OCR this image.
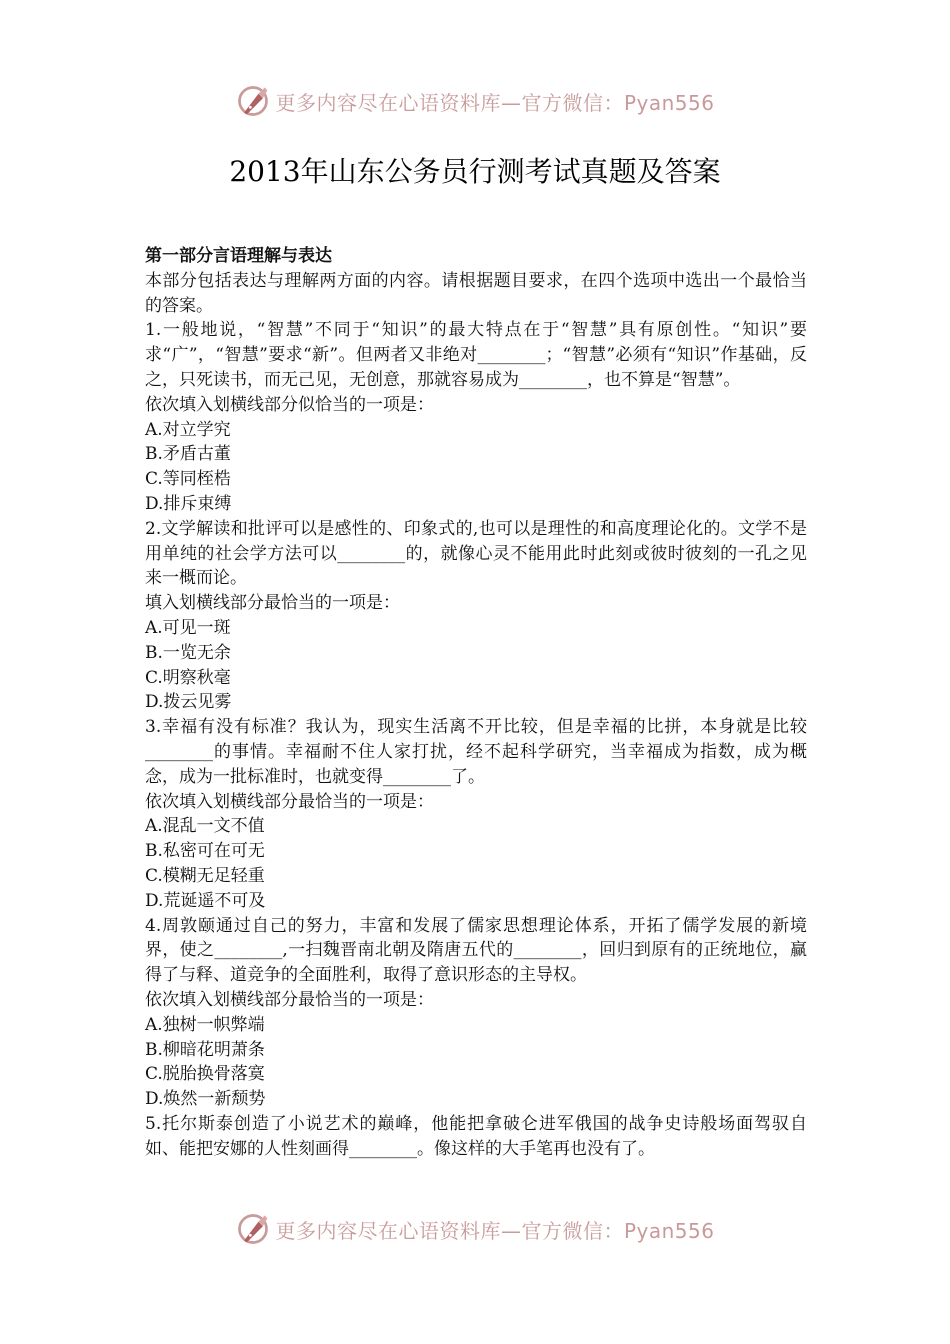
更多内容尽在心语资料库—官方微信：Pyan556
2013年山东公务员行测考试真题及答案

第一部分言语理解与表达

本部分包括表达与理解两方面的内容。请根据题目要求，在四个选项中选出一个最恰当的答案。

1.一般地说，“智慧”不同于“知识”的最大特点在于“智慧”具有原创性。“知识”要求“广”，“智慧”要求“新”。但两者又非绝对________；“智慧”必须有“知识”作基础，反之，只死读书，而无己见，无创意，那就容易成为________，也不算是“智慧”。

依次填入划横线部分似恰当的一项是：

A.对立学究

B.矛盾古董

C.等同桎梏

D.排斥束缚

2.文学解读和批评可以是感性的、印象式的,也可以是理性的和高度理论化的。文学不是用单纯的社会学方法可以________的，就像心灵不能用此时此刻或彼时彼刻的一孔之见来一概而论。

填入划横线部分最恰当的一项是：

A.可见一斑

B.一览无余

C.明察秋毫

D.拨云见雾

3.幸福有没有标准？我认为，现实生活离不开比较，但是幸福的比拼，本身就是比较________的事情。幸福耐不住人家打扰，经不起科学研究，当幸福成为指数，成为概念，成为一批标准时，也就变得________了。

依次填入划横线部分最恰当的一项是：

A.混乱一文不值

B.私密可在可无

C.模糊无足轻重

D.荒诞遥不可及

4.周敦颐通过自己的努力，丰富和发展了儒家思想理论体系，开拓了儒学发展的新境界，使之________,一扫魏晋南北朝及隋唐五代的________，回归到原有的正统地位，赢得了与释、道竞争的全面胜利，取得了意识形态的主导权。

依次填入划横线部分最恰当的一项是：

A.独树一帜弊端

B.柳暗花明萧条

C.脱胎换骨落寞

D.焕然一新颓势

5.托尔斯泰创造了小说艺术的巅峰，他能把拿破仑进军俄国的战争史诗般场面驾驭自如、能把安娜的人性刻画得________。像这样的大手笔再也没有了。

更多内容尽在心语资料库—官方微信：Pyan556
